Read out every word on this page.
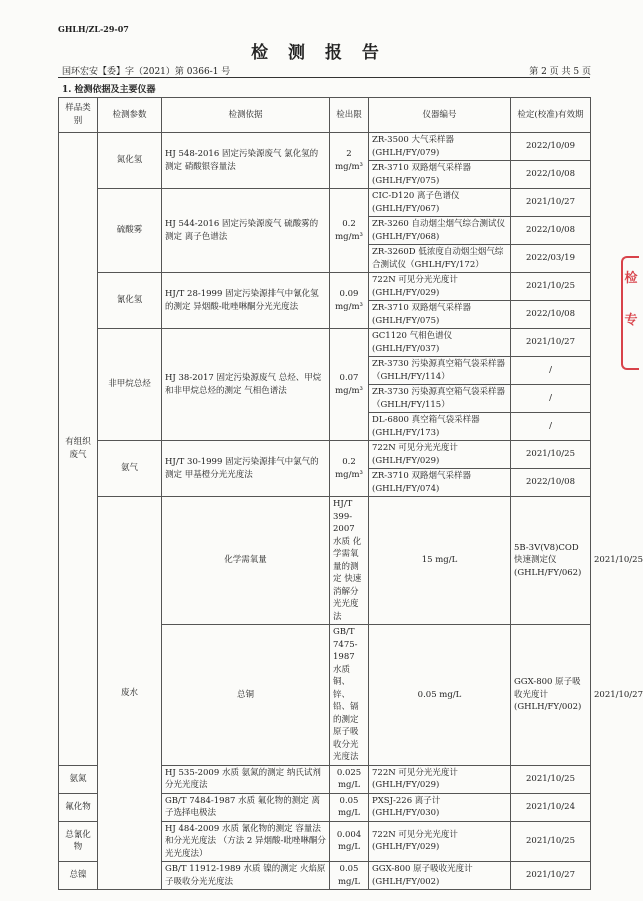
GHLH/ZL-29-07
检 测 报 告
国环宏安【委】字（2021）第 0366-1 号	第 2 页 共 5 页
1. 检测依据及主要仪器
样品类别	检测参数	检测依据	检出限	仪器编号	检定(校准)有效期	
有组织废气	氮化氢	HJ 548-2016 固定污染源废气 氯化氢的测定 硝酸银容量法	2 mg/m³	ZR-3500 大气采样器(GHLH/FY/079)	2022/10/09	
				ZR-3710 双路烟气采样器(GHLH/FY/075)	2022/10/08	
	硫酸雾	HJ 544-2016 固定污染源废气 硫酸雾的测定 离子色谱法	0.2 mg/m³	CIC-D120 离子色谱仪(GHLH/FY/067)	2021/10/27	
				ZR-3260 自动烟尘烟气综合测试仪(GHLH/FY/068)	2022/10/08	
				ZR-3260D 低浓度自动烟尘烟气综合测试仪（GHLH/FY/172）	2022/03/19	
	氰化氢	HJ/T 28-1999 固定污染源排气中氰化氢的测定 异烟酸-吡唑啉酮分光光度法	0.09 mg/m³	722N 可见分光光度计(GHLH/FY/029)	2021/10/25	
				ZR-3710 双路烟气采样器(GHLH/FY/075)	2022/10/08	
	非甲烷总烃	HJ 38-2017 固定污染源废气 总烃、甲烷和非甲烷总烃的测定 气相色谱法	0.07 mg/m³	GC1120 气相色谱仪(GHLH/FY/037)	2021/10/27	
				ZR-3730 污染源真空箱气袋采样器（GHLH/FY/114）	/	
				ZR-3730 污染源真空箱气袋采样器（GHLH/FY/115）	/	
				DL-6800 真空箱气袋采样器(GHLH/FY/173)	/	
	氨气	HJ/T 30-1999 固定污染源排气中氯气的测定 甲基橙分光光度法	0.2 mg/m³	722N 可见分光光度计(GHLH/FY/029)	2021/10/25	
				ZR-3710 双路烟气采样器(GHLH/FY/074)	2022/10/08	
	废水	化学需氧量	HJ/T 399-2007 水质 化学需氧量的测定 快速消解分光光度法	15 mg/L	5B-3V(V8)COD 快速测定仪(GHLH/FY/062)	2021/10/25
		总铜	GB/T 7475-1987 水质 铜、锌、铅、镉的测定 原子吸收分光光度法	0.05 mg/L	GGX-800 原子吸收光度计(GHLH/FY/002)	2021/10/27
氨氮		HJ 535-2009 水质 氨氮的测定 纳氏试剂分光光度法	0.025 mg/L	722N 可见分光光度计(GHLH/FY/029)	2021/10/25	
氟化物		GB/T 7484-1987 水质 氟化物的测定 离子选择电极法	0.05 mg/L	PXSJ-226 离子计(GHLH/FY/030)	2021/10/24	
总氰化物		HJ 484-2009 水质 氰化物的测定 容量法和分光光度法 （方法 2 异烟酸-吡唑啉酮分光光度法）	0.004 mg/L	722N 可见分光光度计(GHLH/FY/029)	2021/10/25	
总镍		GB/T 11912-1989 水质 镍的测定 火焰原子吸收分光光度法	0.05 mg/L	GGX-800 原子吸收光度计(GHLH/FY/002)	2021/10/27	
检 专
